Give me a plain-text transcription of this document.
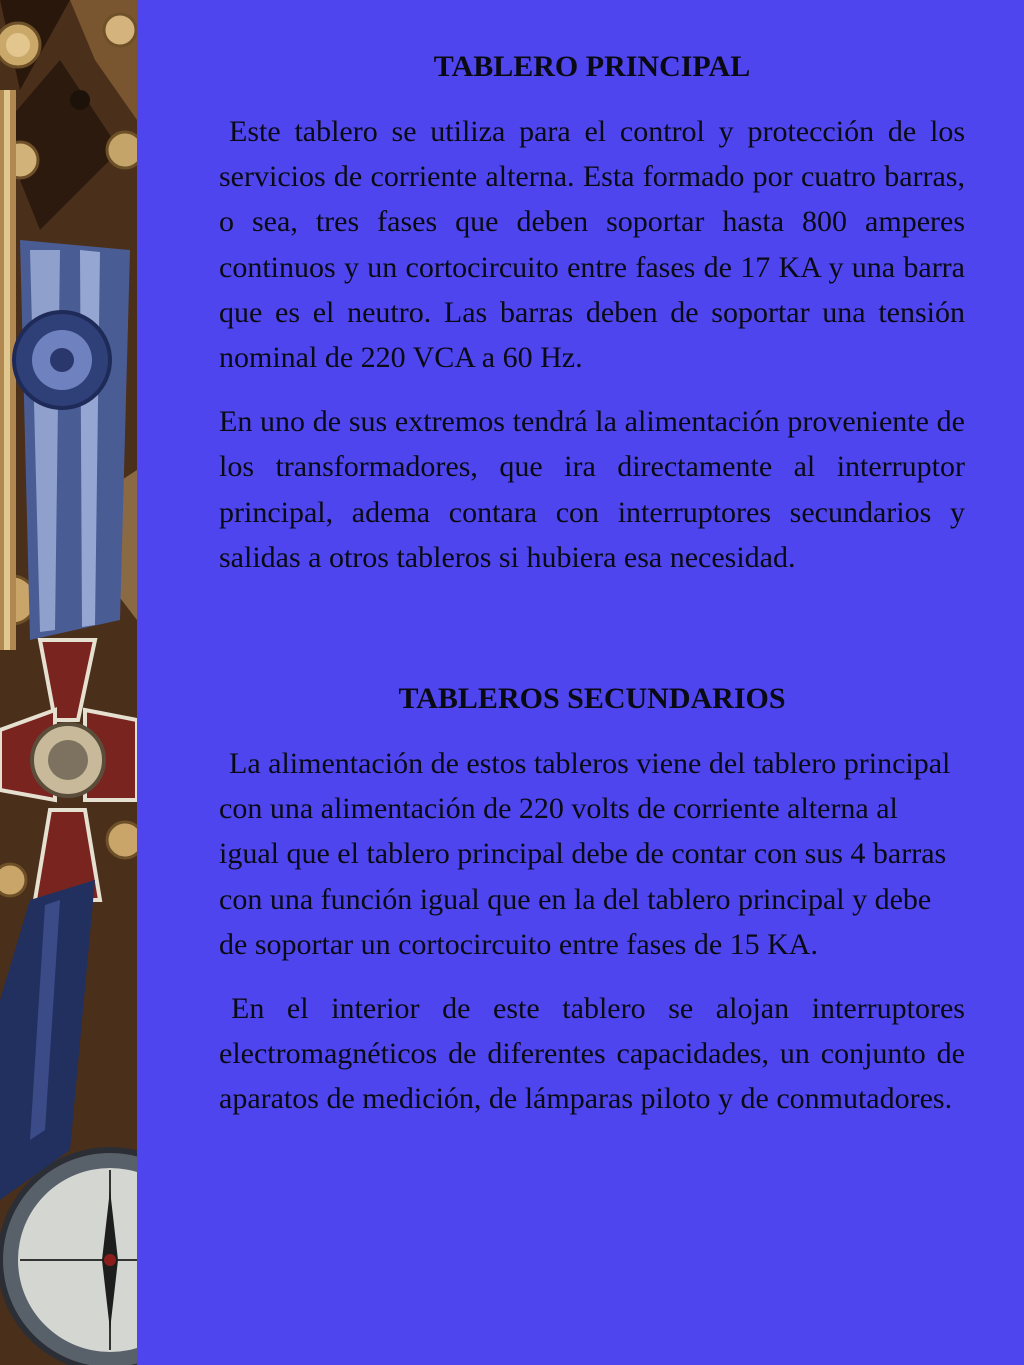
TABLERO PRINCIPAL

Este tablero se utiliza para el control y protección de los servicios de corriente alterna. Esta formado por cuatro barras, o sea, tres fases que deben soportar hasta 800 amperes continuos y un cortocircuito entre fases de 17 KA y una barra que es el neutro. Las barras deben de soportar una tensión nominal de 220 VCA a 60 Hz.

En uno de sus extremos tendrá la alimentación proveniente de los transformadores, que ira directamente al interruptor principal, adema contara con interruptores secundarios y salidas a otros tableros si hubiera esa necesidad.

TABLEROS SECUNDARIOS

La alimentación de estos tableros viene del tablero principal con una alimentación de 220 volts de corriente alterna al igual que el tablero principal debe de contar con sus 4 barras con una función igual que en la del tablero principal y debe de soportar un cortocircuito entre fases de 15 KA.

En el interior de este tablero se alojan interruptores electromagnéticos de diferentes capacidades, un conjunto de aparatos de medición, de lámparas piloto y de conmutadores.
